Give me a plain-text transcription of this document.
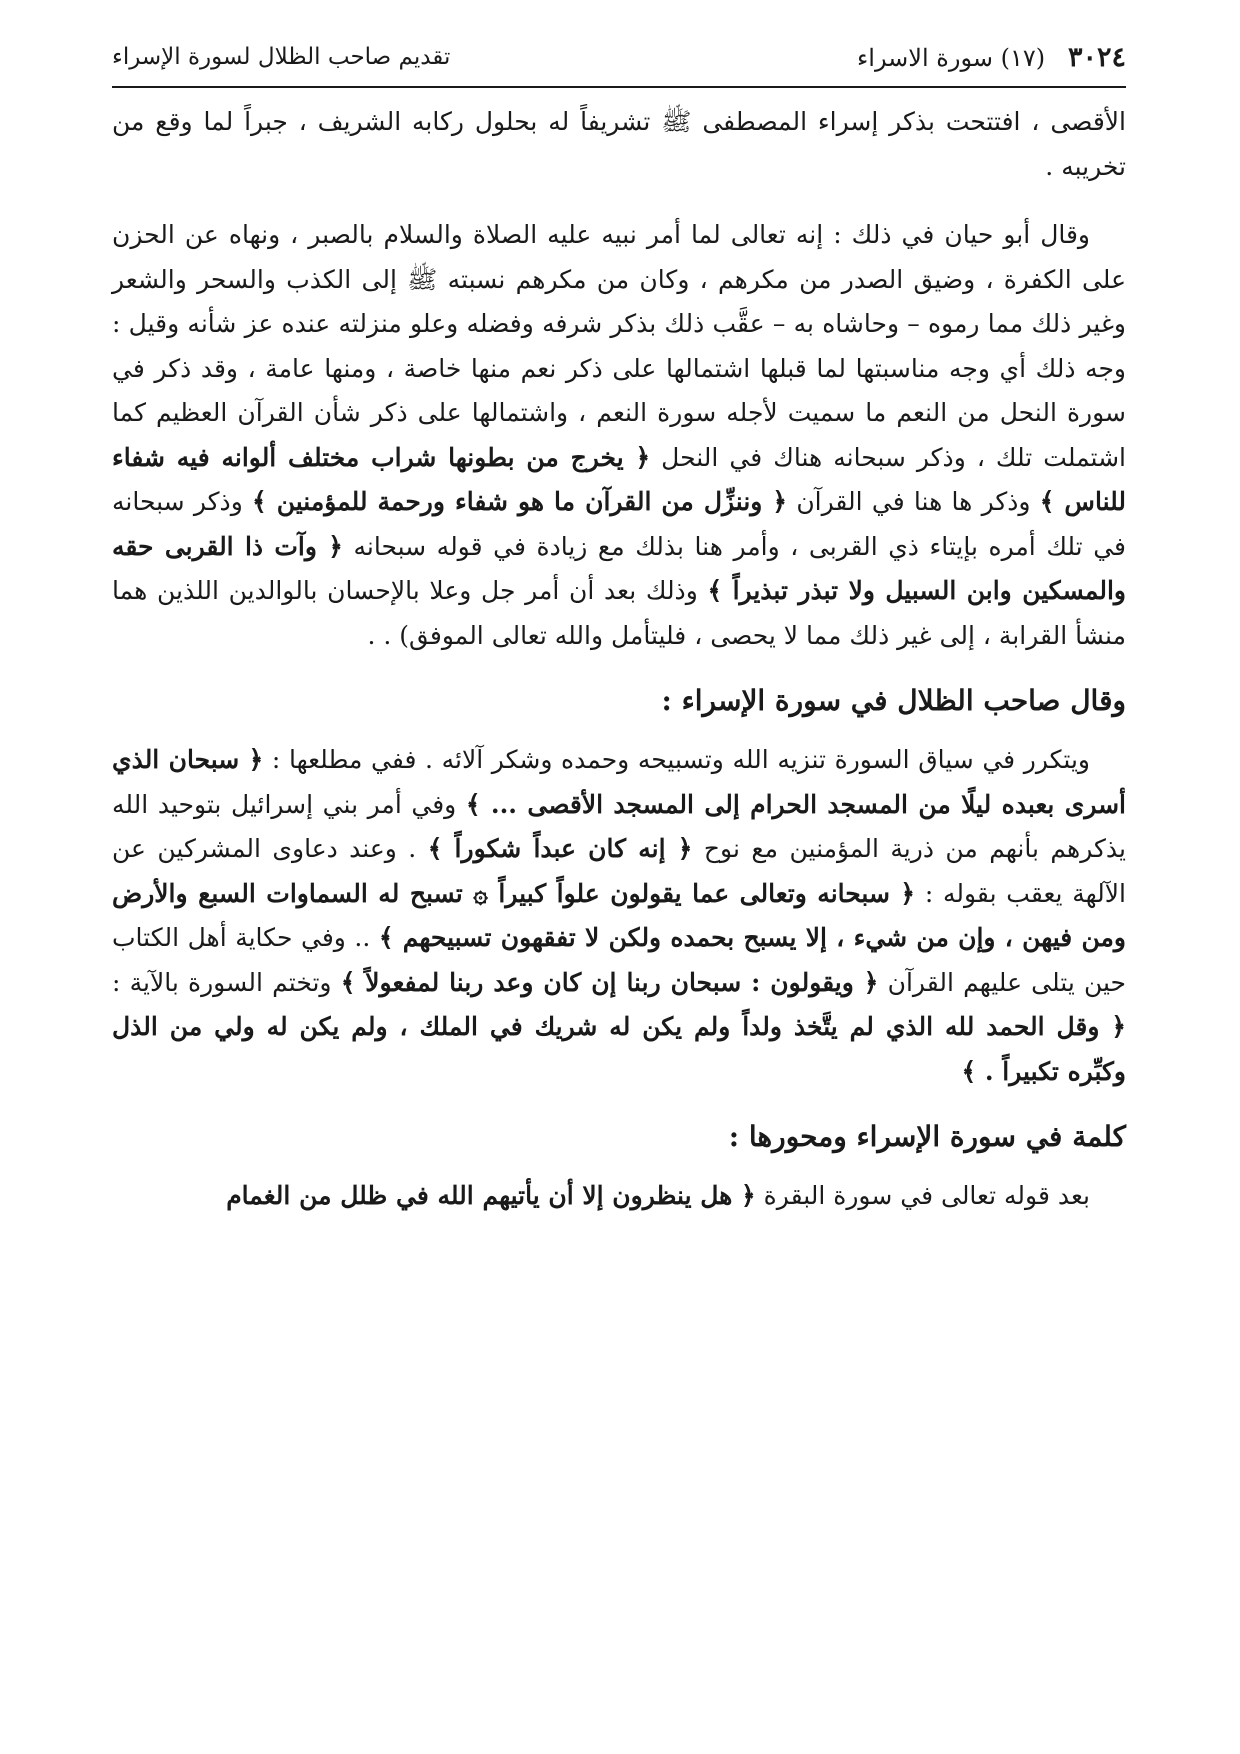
٣٠٢٤   (١٧) سورة الاسراء
تقديم صاحب الظلال لسورة الإسراء

الأقصى ، افتتحت بذكر إسراء المصطفى ﷺ تشريفاً له بحلول ركابه الشريف ، جبراً لما وقع من تخريبه .

وقال أبو حيان في ذلك : إنه تعالى لما أمر نبيه عليه الصلاة والسلام بالصبر ، ونهاه عن الحزن على الكفرة ، وضيق الصدر من مكرهم ، وكان من مكرهم نسبته ﷺ إلى الكذب والسحر والشعر وغير ذلك مما رموه – وحاشاه به – عقَّب ذلك بذكر شرفه وفضله وعلو منزلته عنده عز شأنه وقيل : وجه ذلك أي وجه مناسبتها لما قبلها اشتمالها على ذكر نعم منها خاصة ، ومنها عامة ، وقد ذكر في سورة النحل من النعم ما سميت لأجله سورة النعم ، واشتمالها على ذكر شأن القرآن العظيم كما اشتملت تلك ، وذكر سبحانه هناك في النحل ﴿ يخرج من بطونها شراب مختلف ألوانه فيه شفاء للناس ﴾ وذكر ها هنا في القرآن ﴿ وننزِّل من القرآن ما هو شفاء ورحمة للمؤمنين ﴾ وذكر سبحانه في تلك أمره بإيتاء ذي القربى ، وأمر هنا بذلك مع زيادة في قوله سبحانه ﴿ وآت ذا القربى حقه والمسكين وابن السبيل ولا تبذر تبذيراً ﴾ وذلك بعد أن أمر جل وعلا بالإحسان بالوالدين اللذين هما منشأ القرابة ، إلى غير ذلك مما لا يحصى ، فليتأمل والله تعالى الموفق) . .

وقال صاحب الظلال في سورة الإسراء :

ويتكرر في سياق السورة تنزيه الله وتسبيحه وحمده وشكر آلائه . ففي مطلعها : ﴿ سبحان الذي أسرى بعبده ليلًا من المسجد الحرام إلى المسجد الأقصى ... ﴾ وفي أمر بني إسرائيل بتوحيد الله يذكرهم بأنهم من ذرية المؤمنين مع نوح ﴿ إنه كان عبداً شكوراً ﴾ . وعند دعاوى المشركين عن الآلهة يعقب بقوله : ﴿ سبحانه وتعالى عما يقولون علواً كبيراً ۞ تسبح له السماوات السبع والأرض ومن فيهن ، وإن من شيء ، إلا يسبح بحمده ولكن لا تفقهون تسبيحهم ﴾ .. وفي حكاية أهل الكتاب حين يتلى عليهم القرآن ﴿ ويقولون : سبحان ربنا إن كان وعد ربنا لمفعولاً ﴾ وتختم السورة بالآية : ﴿ وقل الحمد لله الذي لم يتَّخذ ولداً ولم يكن له شريك في الملك ، ولم يكن له ولي من الذل وكبِّره تكبيراً . ﴾

كلمة في سورة الإسراء ومحورها :

بعد قوله تعالى في سورة البقرة ﴿ هل ينظرون إلا أن يأتيهم الله في ظلل من الغمام
